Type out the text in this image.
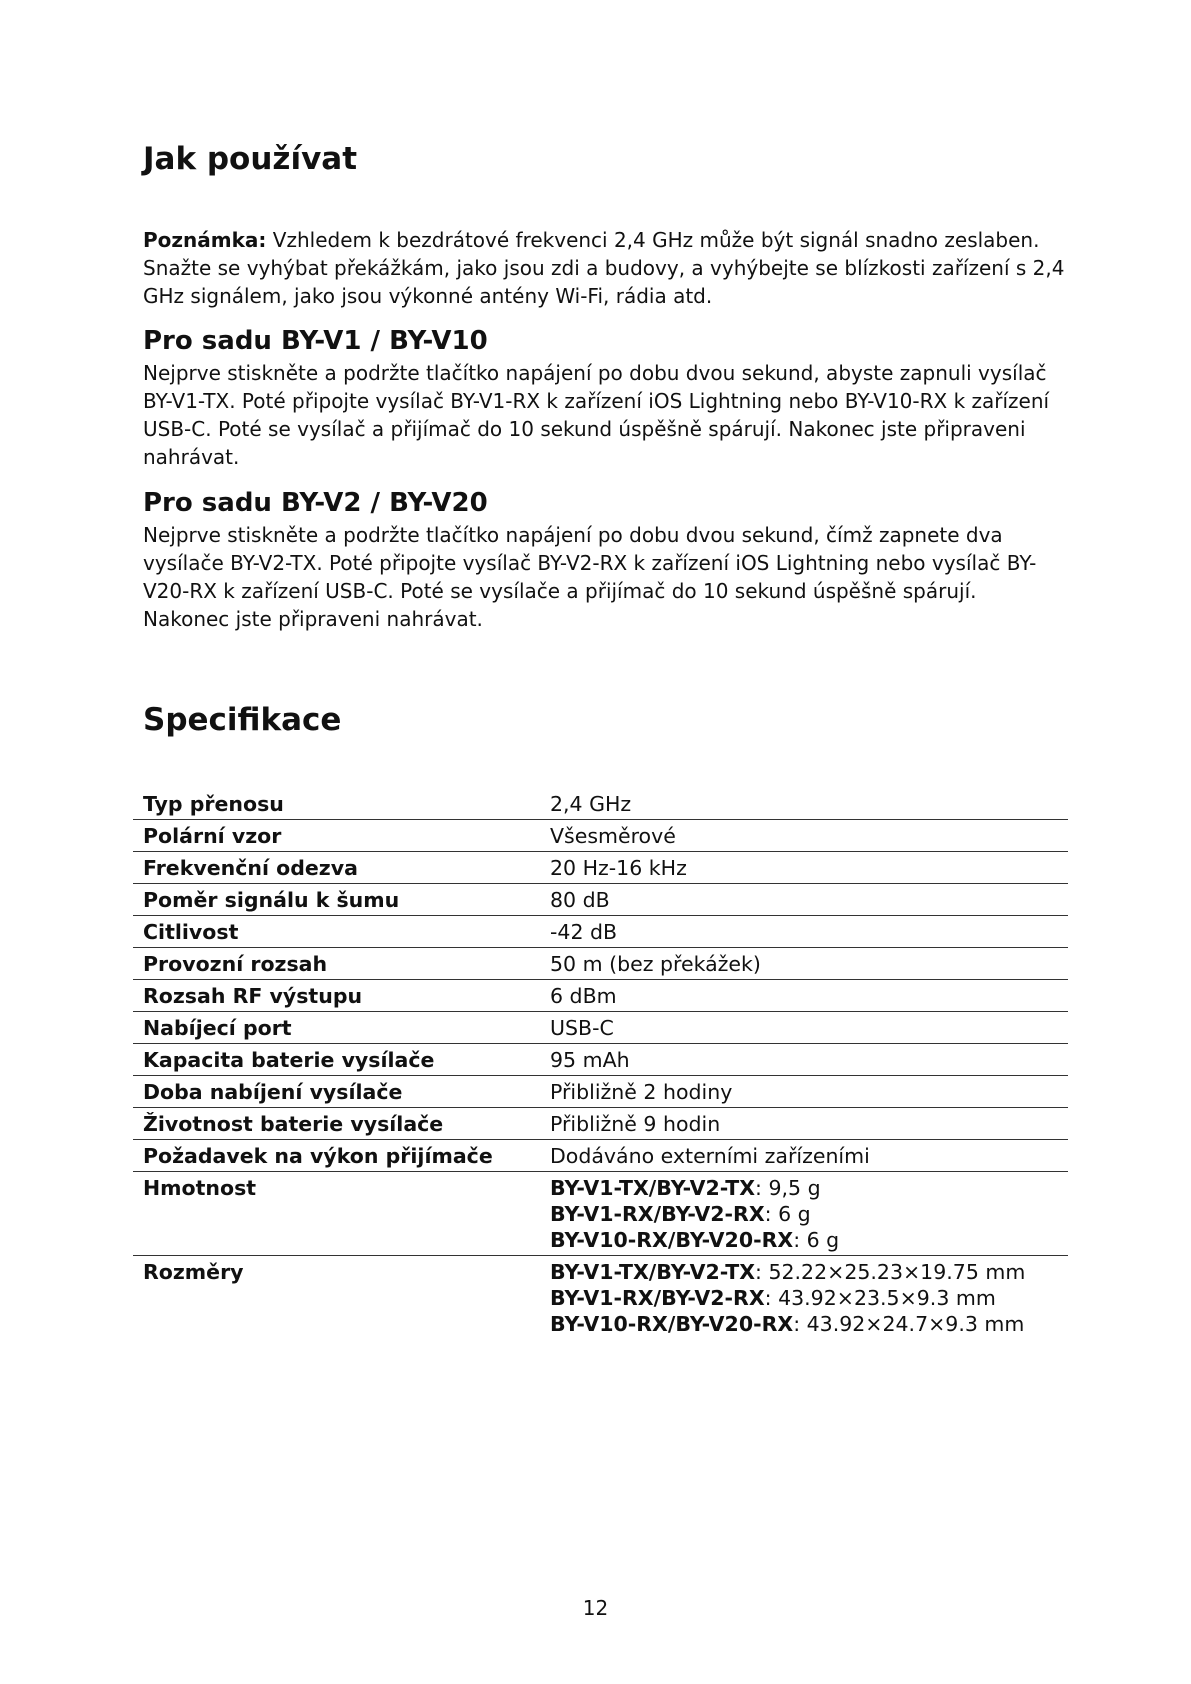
Jak používat

Poznámka: Vzhledem k bezdrátové frekvenci 2,4 GHz může být signál snadno zeslaben. Snažte se vyhýbat překážkám, jako jsou zdi a budovy, a vyhýbejte se blízkosti zařízení s 2,4 GHz signálem, jako jsou výkonné antény Wi-Fi, rádia atd.

Pro sadu BY-V1 / BY-V10

Nejprve stiskněte a podržte tlačítko napájení po dobu dvou sekund, abyste zapnuli vysílač BY-V1-TX. Poté připojte vysílač BY-V1-RX k zařízení iOS Lightning nebo BY-V10-RX k zařízení USB-C. Poté se vysílač a přijímač do 10 sekund úspěšně spárují. Nakonec jste připraveni nahrávat.

Pro sadu BY-V2 / BY-V20

Nejprve stiskněte a podržte tlačítko napájení po dobu dvou sekund, čímž zapnete dva vysílače BY-V2-TX. Poté připojte vysílač BY-V2-RX k zařízení iOS Lightning nebo vysílač BY-V20-RX k zařízení USB-C. Poté se vysílače a přijímač do 10 sekund úspěšně spárují. Nakonec jste připraveni nahrávat.

Specifikace
Typ přenosu	2,4 GHz
Polární vzor	Všesměrové
Frekvenční odezva	20 Hz-16 kHz
Poměr signálu k šumu	80 dB
Citlivost	-42 dB
Provozní rozsah	50 m (bez překážek)
Rozsah RF výstupu	6 dBm
Nabíjecí port	USB-C
Kapacita baterie vysílače	95 mAh
Doba nabíjení vysílače	Přibližně 2 hodiny
Životnost baterie vysílače	Přibližně 9 hodin
Požadavek na výkon přijímače	Dodáváno externími zařízeními
Hmotnost	BY-V1-TX/BY-V2-TX: 9,5 g
BY-V1-RX/BY-V2-RX: 6 g
BY-V10-RX/BY-V20-RX: 6 g

Rozměry	BY-V1-TX/BY-V2-TX: 52.22×25.23×19.75 mm
BY-V1-RX/BY-V2-RX: 43.92×23.5×9.3 mm
BY-V10-RX/BY-V20-RX: 43.92×24.7×9.3 mm
12
